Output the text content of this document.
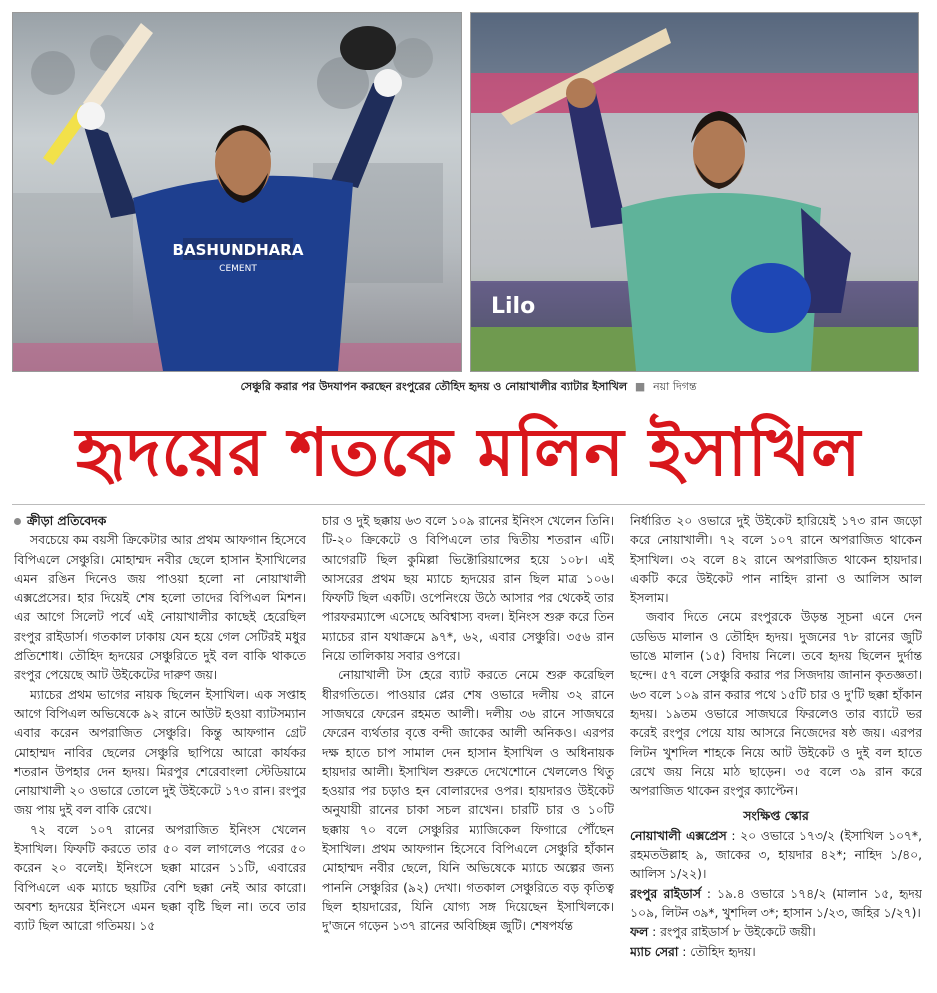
BASHUNDHARA
CEMENT
Lilo
সেঞ্চুরি করার পর উদযাপন করছেন রংপুরের তৌহিদ হৃদয় ও নোয়াখালীর ব্যাটার ইসাখিল ■ নয়া দিগন্ত
হৃদয়ের শতকে মলিন ইসাখিল
ক্রীড়া প্রতিবেদক

সবচেয়ে কম বয়সী ক্রিকেটার আর প্রথম আফগান হিসেবে বিপিএলে সেঞ্চুরি। মোহাম্মদ নবীর ছেলে হাসান ইসাখিলের এমন রঙিন দিনেও জয় পাওয়া হলো না নোয়াখালী এক্সপ্রেসের। হার দিয়েই শেষ হলো তাদের বিপিএল মিশন। এর আগে সিলেট পর্বে এই নোয়াখালীর কাছেই হেরেছিল রংপুর রাইডার্স। গতকাল ঢাকায় যেন হয়ে গেল সেটিরই মধুর প্রতিশোধ। তৌহিদ হৃদয়ের সেঞ্চুরিতে দুই বল বাকি থাকতে রংপুর পেয়েছে আট উইকেটের দারুণ জয়।

ম্যাচের প্রথম ভাগের নায়ক ছিলেন ইসাখিল। এক সপ্তাহ আগে বিপিএল অভিষেকে ৯২ রানে আউট হওয়া ব্যাটসম্যান এবার করেন অপরাজিত সেঞ্চুরি। কিন্তু আফগান গ্রেট মোহাম্মদ নাবির ছেলের সেঞ্চুরি ছাপিয়ে আরো কার্যকর শতরান উপহার দেন হৃদয়। মিরপুর শেরেবাংলা স্টেডিয়ামে নোয়াখালী ২০ ওভারে তোলে দুই উইকেটে ১৭৩ রান। রংপুর জয় পায় দুই বল বাকি রেখে।

৭২ বলে ১০৭ রানের অপরাজিত ইনিংস খেলেন ইসাখিল। ফিফটি করতে তার ৫০ বল লাগলেও পরের ৫০ করেন ২০ বলেই। ইনিংসে ছক্কা মারেন ১১টি, এবারের বিপিএলে এক ম্যাচে ছয়টির বেশি ছক্কা নেই আর কারো। অবশ্য হৃদয়ের ইনিংসে এমন ছক্কা বৃষ্টি ছিল না। তবে তার ব্যাট ছিল আরো গতিময়। ১৫

চার ও দুই ছক্কায় ৬৩ বলে ১০৯ রানের ইনিংস খেলেন তিনি। টি-২০ ক্রিকেটে ও বিপিএলে তার দ্বিতীয় শতরান এটি। আগেরটি ছিল কুমিল্লা ভিক্টোরিয়ান্সের হয়ে ১০৮। এই আসরের প্রথম ছয় ম্যাচে হৃদয়ের রান ছিল মাত্র ১০৬। ফিফটি ছিল একটি। ওপেনিংয়ে উঠে আসার পর থেকেই তার পারফরম্যান্সে এসেছে অবিশ্বাস্য বদল। ইনিংস শুরু করে তিন ম্যাচের রান যথাক্রমে ৯৭*, ৬২, এবার সেঞ্চুরি। ৩৫৬ রান নিয়ে তালিকায় সবার ওপরে।

নোয়াখালী টস হেরে ব্যাট করতে নেমে শুরু করেছিল ধীরগতিতে। পাওয়ার প্লের শেষ ওভারে দলীয় ৩২ রানে সাজঘরে ফেরেন রহমত আলী। দলীয় ৩৬ রানে সাজঘরে ফেরেন ব্যর্থতার বৃত্তে বন্দী জাকের আলী অনিকও। এরপর দক্ষ হাতে চাপ সামাল দেন হাসান ইসাখিল ও অধিনায়ক হায়দার আলী। ইসাখিল শুরুতে দেখেশোনে খেললেও থিতু হওয়ার পর চড়াও হন বোলারদের ওপর। হায়দারও উইকেট অনুযায়ী রানের চাকা সচল রাখেন। চারটি চার ও ১০টি ছক্কায় ৭০ বলে সেঞ্চুরির ম্যাজিকেল ফিগারে পৌঁছেন ইসাখিল। প্রথম আফগান হিসেবে বিপিএলে সেঞ্চুরি হাঁকান মোহাম্মদ নবীর ছেলে, যিনি অভিষেকে ম্যাচে অল্পের জন্য পাননি সেঞ্চুরির (৯২) দেখা। গতকাল সেঞ্চুরিতে বড় কৃতিত্ব ছিল হায়দারের, যিনি যোগ্য সঙ্গ দিয়েছেন ইসাখিলকে। দু'জনে গড়েন ১৩৭ রানের অবিচ্ছিন্ন জুটি। শেষপর্যন্ত

নির্ধারিত ২০ ওভারে দুই উইকেট হারিয়েই ১৭৩ রান জড়ো করে নোয়াখালী। ৭২ বলে ১০৭ রানে অপরাজিত থাকেন ইসাখিল। ৩২ বলে ৪২ রানে অপরাজিত থাকেন হায়দার। একটি করে উইকেট পান নাহিদ রানা ও আলিস আল ইসলাম।

জবাব দিতে নেমে রংপুরকে উড়ন্ত সূচনা এনে দেন ডেভিড মালান ও তৌহিদ হৃদয়। দুজনের ৭৮ রানের জুটি ভাঙে মালান (১৫) বিদায় নিলে। তবে হৃদয় ছিলেন দুর্দান্ত ছন্দে। ৫৭ বলে সেঞ্চুরি করার পর সিজদায় জানান কৃতজ্ঞতা। ৬৩ বলে ১০৯ রান করার পথে ১৫টি চার ও দু'টি ছক্কা হাঁকান হৃদয়। ১৯তম ওভারে সাজঘরে ফিরলেও তার ব্যাটে ভর করেই রংপুর পেয়ে যায় আসরে নিজেদের ষষ্ঠ জয়। এরপর লিটন খুশদিল শাহকে নিয়ে আট উইকেট ও দুই বল হাতে রেখে জয় নিয়ে মাঠ ছাড়েন। ৩৫ বলে ৩৯ রান করে অপরাজিত থাকেন রংপুর ক্যাপ্টেন।

সংক্ষিপ্ত স্কোর

নোয়াখালী এক্সপ্রেস : ২০ ওভারে ১৭৩/২ (ইসাখিল ১০৭*, রহমতউল্লাহ ৯, জাকের ৩, হায়দার ৪২*; নাহিদ ১/৪০, আলিস ১/২২)।

রংপুর রাইডার্স : ১৯.৪ ওভারে ১৭৪/২ (মালান ১৫, হৃদয় ১০৯, লিটন ৩৯*, খুশদিল ৩*; হাসান ১/২৩, জহির ১/২৭)।

ফল : রংপুর রাইডার্স ৮ উইকেটে জয়ী।

ম্যাচ সেরা : তৌহিদ হৃদয়।
